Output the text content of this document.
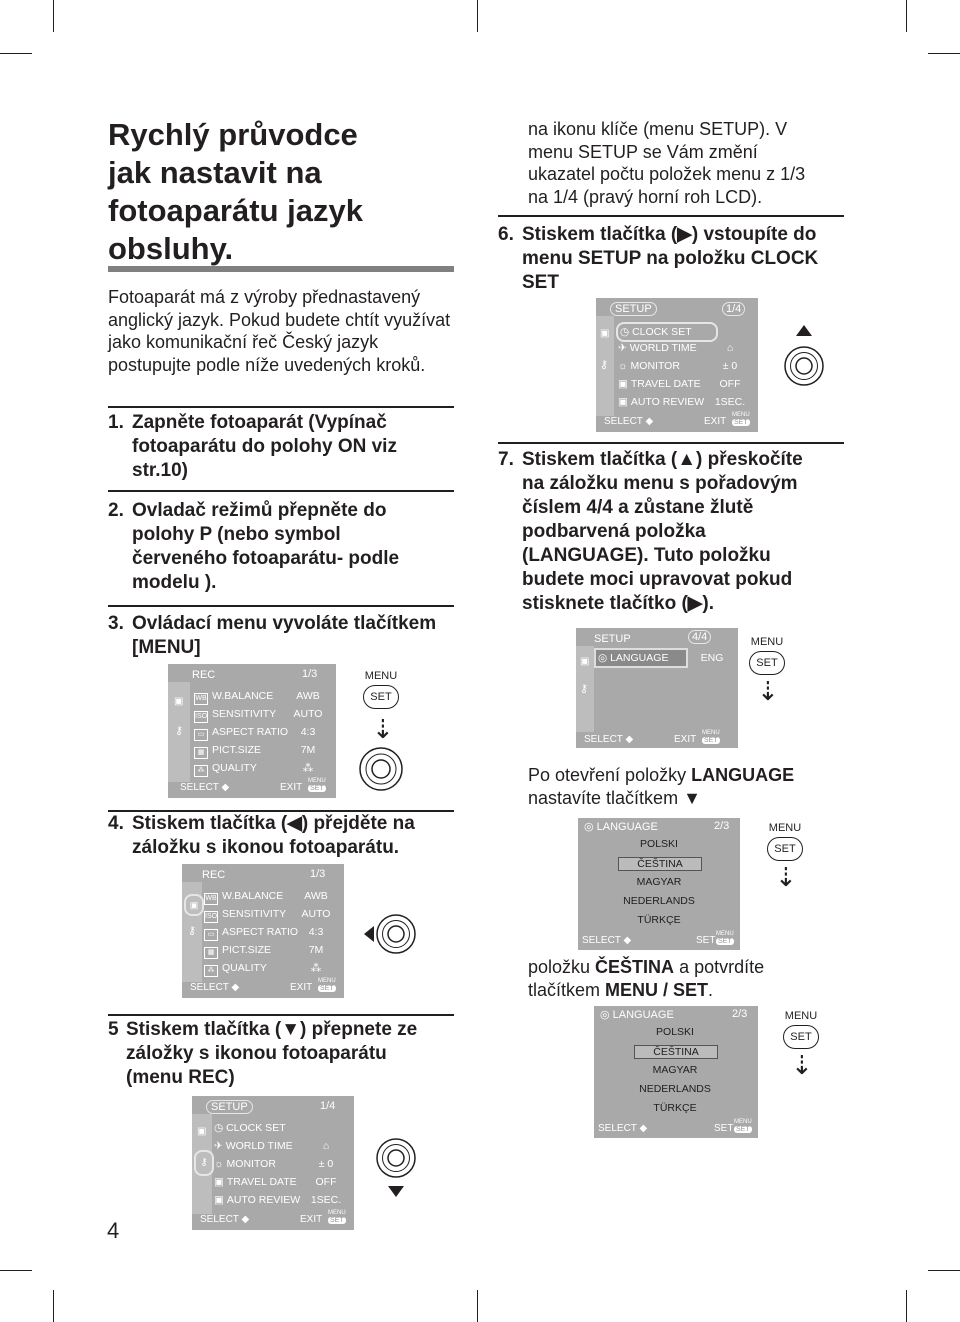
Rychlý průvodce
jak nastavit na
fotoaparátu jazyk
obsluhy.
Fotoaparát má z výroby přednastavený anglický jazyk. Pokud budete chtít využívat jako komunikační řeč Český jazyk postupujte podle níže uvedených kroků.
1. Zapněte fotoaparát (Vypínač fotoaparátu do polohy ON viz str.10)
2. Ovladač režimů přepněte do polohy P (nebo symbol červeného fotoaparátu- podle modelu ).
3. Ovládací menu vyvoláte tlačítkem [MENU]
▣
⚷
REC	1/3
WB W.BALANCE	AWB
ISO SENSITIVITY	AUTO
▭ ASPECT RATIO	4:3
▦ PICT.SIZE	7M
⁂ QUALITY	⁂
SELECT ◆	EXIT
MENU
SET
MENU
SET
⇣
4. Stiskem tlačítka (◀) přejděte na záložku s ikonou fotoaparátu.
▣
⚷
REC	1/3
WB W.BALANCE	AWB
ISO SENSITIVITY	AUTO
▭ ASPECT RATIO	4:3
▦ PICT.SIZE	7M
⁂ QUALITY	⁂
SELECT ◆	EXIT
MENU
SET
5 Stiskem tlačítka (▼) přepnete ze záložky s ikonou fotoaparátu (menu REC)
▣
⚷
SETUP	1/4
◷ CLOCK SET
✈ WORLD TIME	⌂
☼ MONITOR	± 0
▣ TRAVEL DATE	OFF
▣ AUTO REVIEW	1SEC.
SELECT ◆	EXIT
MENU
SET
4
na ikonu klíče (menu SETUP). V menu SETUP se Vám změní ukazatel počtu položek menu z 1/3 na 1/4 (pravý horní roh LCD).
6. Stiskem tlačítka (▶) vstoupíte do menu SETUP na položku CLOCK SET
▣
⚷
SETUP	1/4
◷ CLOCK SET
✈ WORLD TIME	⌂
☼ MONITOR	± 0
▣ TRAVEL DATE	OFF
▣ AUTO REVIEW	1SEC.
SELECT ◆	EXIT
MENU
SET
7. Stiskem tlačítka (▲) přeskočíte na záložku menu s pořadovým číslem 4/4 a zůstane žlutě podbarvená položka (LANGUAGE). Tuto položku budete moci upravovat pokud stisknete tlačítko (▶).
▣
⚷
SETUP	4/4
◎ LANGUAGE	ENG
SELECT ◆	EXIT
MENU
SET
MENU
SET
⇣
Po otevření položky LANGUAGE nastavíte tlačítkem ▼
◎ LANGUAGE	2/3
POLSKI
ČEŠTINA
MAGYAR
NEDERLANDS
TÜRKÇE
SELECT ◆	SET
MENU
SET
MENU
SET
⇣
položku ČEŠTINA a potvrdíte tlačítkem MENU / SET.
◎ LANGUAGE	2/3
POLSKI
ČEŠTINA
MAGYAR
NEDERLANDS
TÜRKÇE
SELECT ◆	SET
MENU
SET
MENU
SET
⇣
